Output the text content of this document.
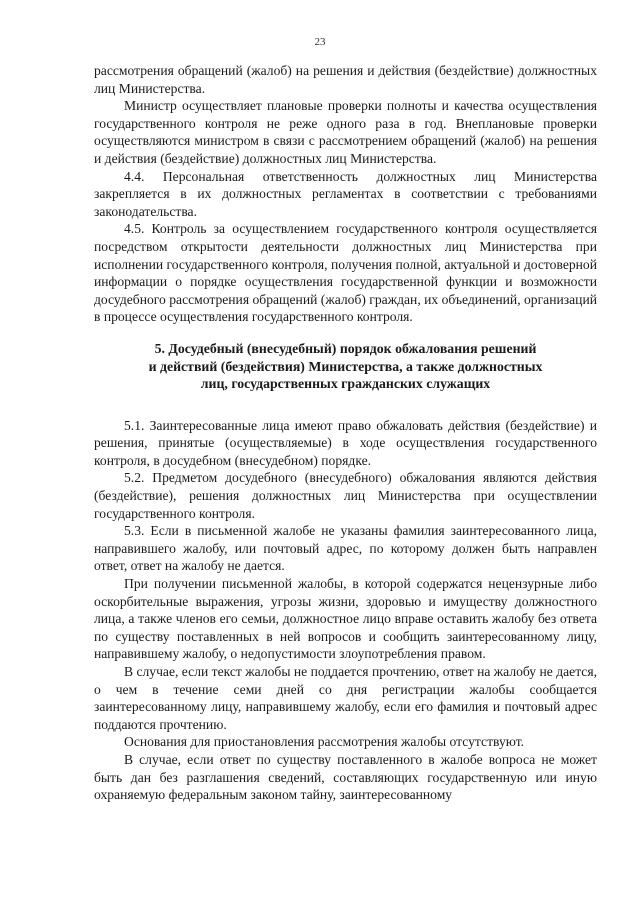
23

рассмотрения обращений (жалоб) на решения и действия (бездействие) должностных лиц Министерства.

Министр осуществляет плановые проверки полноты и качества осуществления государственного контроля не реже одного раза в год. Внеплановые проверки осуществляются министром в связи с рассмотрением обращений (жалоб) на решения и действия (бездействие) должностных лиц Министерства.

4.4. Персональная ответственность должностных лиц Министерства закрепляется в их должностных регламентах в соответствии с требованиями законодательства.

4.5. Контроль за осуществлением государственного контроля осуществляется посредством открытости деятельности должностных лиц Министерства при исполнении государственного контроля, получения полной, актуальной и достоверной информации о порядке осуществления государственной функции и возможности досудебного рассмотрения обращений (жалоб) граждан, их объединений, организаций в процессе осуществления государственного контроля.

5. Досудебный (внесудебный) порядок обжалования решений
и действий (бездействия) Министерства, а также должностных
лиц, государственных гражданских служащих

5.1. Заинтересованные лица имеют право обжаловать действия (бездействие) и решения, принятые (осуществляемые) в ходе осуществления государственного контроля, в досудебном (внесудебном) порядке.

5.2. Предметом досудебного (внесудебного) обжалования являются действия (бездействие), решения должностных лиц Министерства при осуществлении государственного контроля.

5.3. Если в письменной жалобе не указаны фамилия заинтересованного лица, направившего жалобу, или почтовый адрес, по которому должен быть направлен ответ, ответ на жалобу не дается.

При получении письменной жалобы, в которой содержатся нецензурные либо оскорбительные выражения, угрозы жизни, здоровью и имуществу должностного лица, а также членов его семьи, должностное лицо вправе оставить жалобу без ответа по существу поставленных в ней вопросов и сообщить заинтересованному лицу, направившему жалобу, о недопустимости злоупотребления правом.

В случае, если текст жалобы не поддается прочтению, ответ на жалобу не дается, о чем в течение семи дней со дня регистрации жалобы сообщается заинтересованному лицу, направившему жалобу, если его фамилия и почтовый адрес поддаются прочтению.

Основания для приостановления рассмотрения жалобы отсутствуют.

В случае, если ответ по существу поставленного в жалобе вопроса не может быть дан без разглашения сведений, составляющих государственную или иную охраняемую федеральным законом тайну, заинтересованному
